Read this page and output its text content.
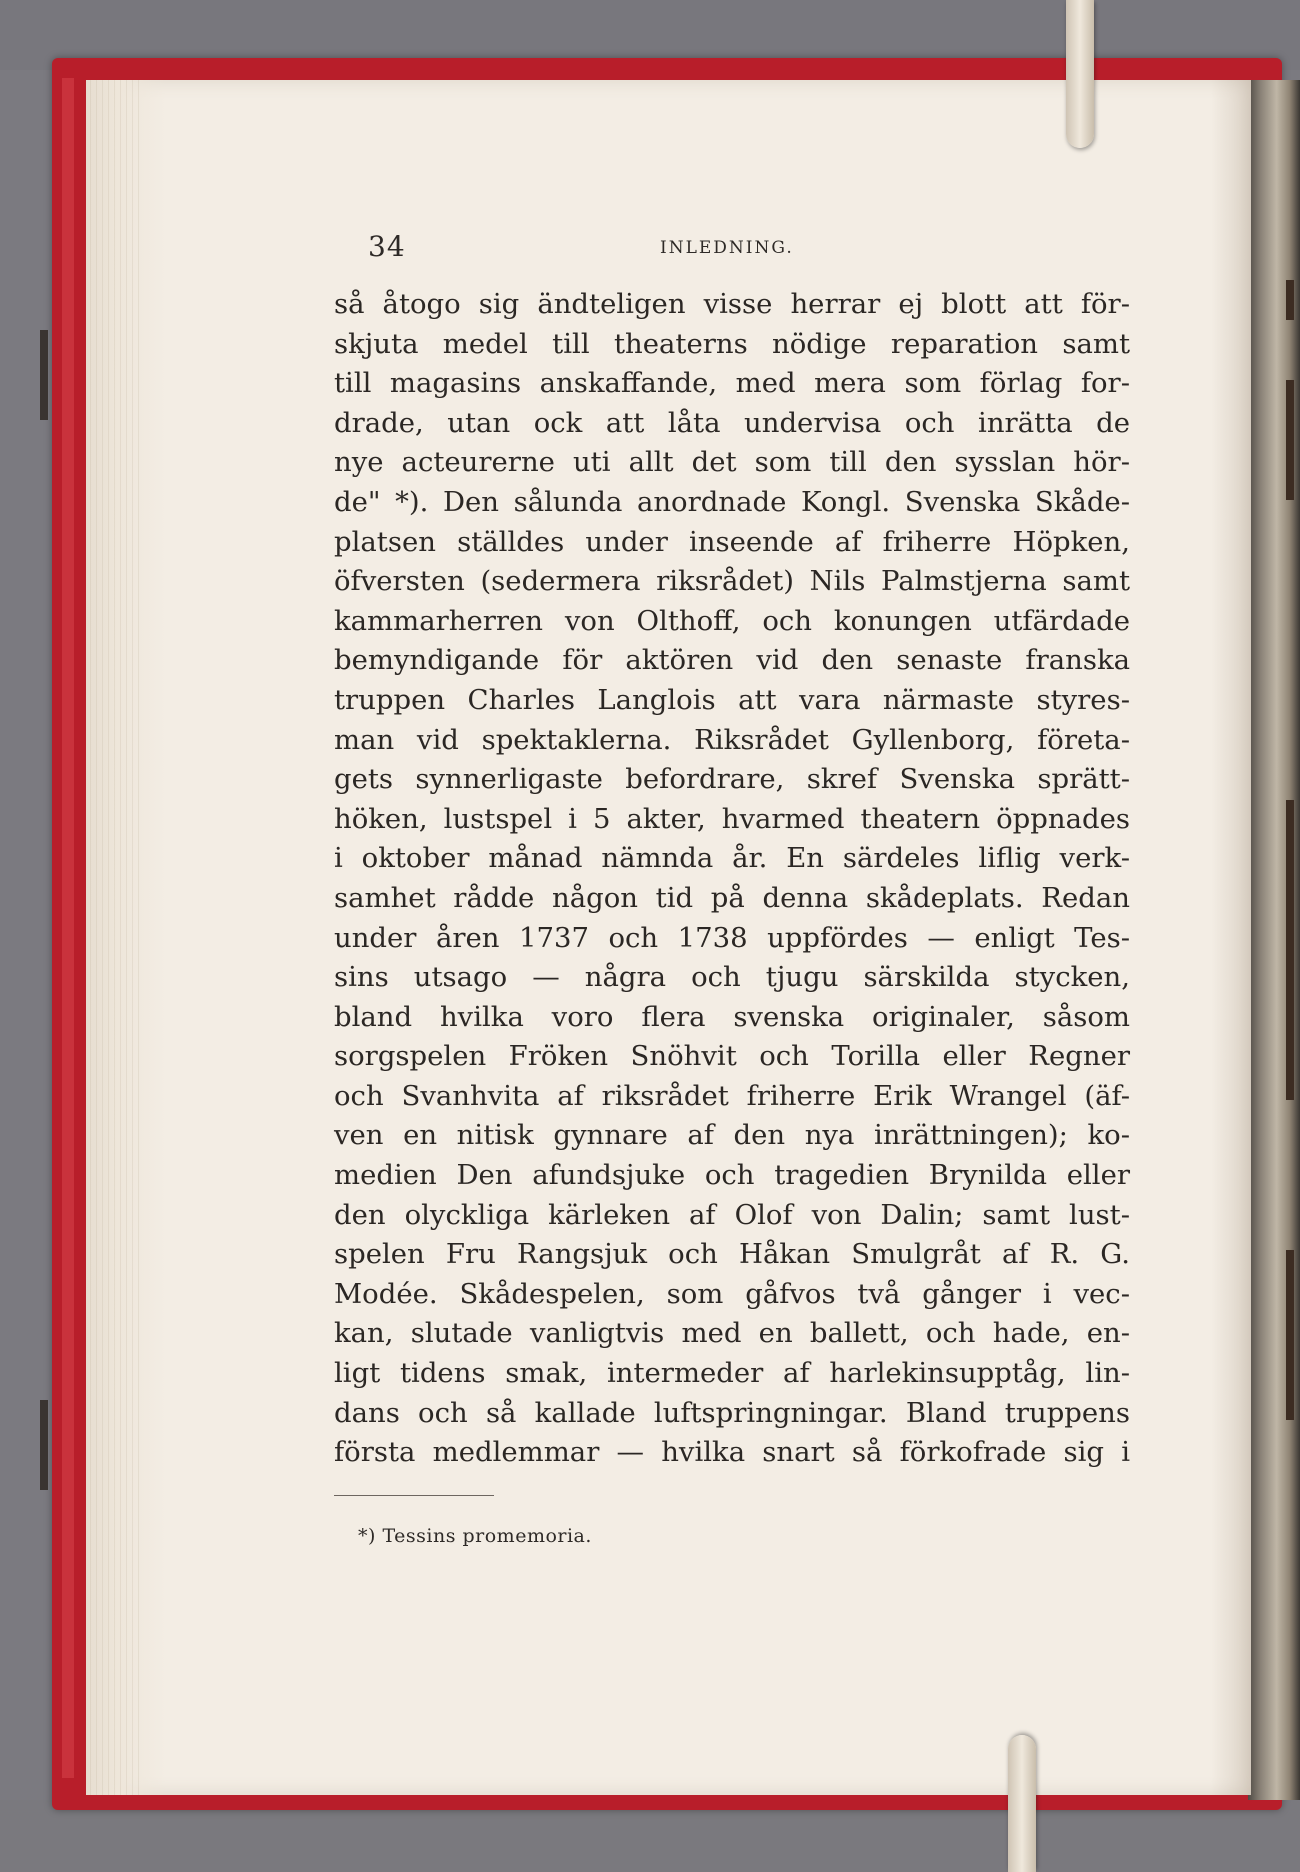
34	INLEDNING.
så åtogo sig ändteligen visse herrar ej blott att för-
skjuta medel till theaterns nödige reparation samt
till magasins anskaffande, med mera som förlag for-
drade, utan ock att låta undervisa och inrätta de
nye acteurerne uti allt det som till den sysslan hör-
de" *). Den sålunda anordnade Kongl. Svenska Skåde-
platsen ställdes under inseende af friherre Höpken,
öfversten (sedermera riksrådet) Nils Palmstjerna samt
kammarherren von Olthoff, och konungen utfärdade
bemyndigande för aktören vid den senaste franska
truppen Charles Langlois att vara närmaste styres-
man vid spektaklerna. Riksrådet Gyllenborg, företa-
gets synnerligaste befordrare, skref Svenska sprätt-
höken, lustspel i 5 akter, hvarmed theatern öppnades
i oktober månad nämnda år. En särdeles liflig verk-
samhet rådde någon tid på denna skådeplats. Redan
under åren 1737 och 1738 uppfördes — enligt Tes-
sins utsago — några och tjugu särskilda stycken,
bland hvilka voro flera svenska originaler, såsom
sorgspelen Fröken Snöhvit och Torilla eller Regner
och Svanhvita af riksrådet friherre Erik Wrangel (äf-
ven en nitisk gynnare af den nya inrättningen); ko-
medien Den afundsjuke och tragedien Brynilda eller
den olyckliga kärleken af Olof von Dalin; samt lust-
spelen Fru Rangsjuk och Håkan Smulgråt af R. G.
Modée. Skådespelen, som gåfvos två gånger i vec-
kan, slutade vanligtvis med en ballett, och hade, en-
ligt tidens smak, intermeder af harlekinsupptåg, lin-
dans och så kallade luftspringningar. Bland truppens
första medlemmar — hvilka snart så förkofrade sig i
*) Tessins promemoria.
